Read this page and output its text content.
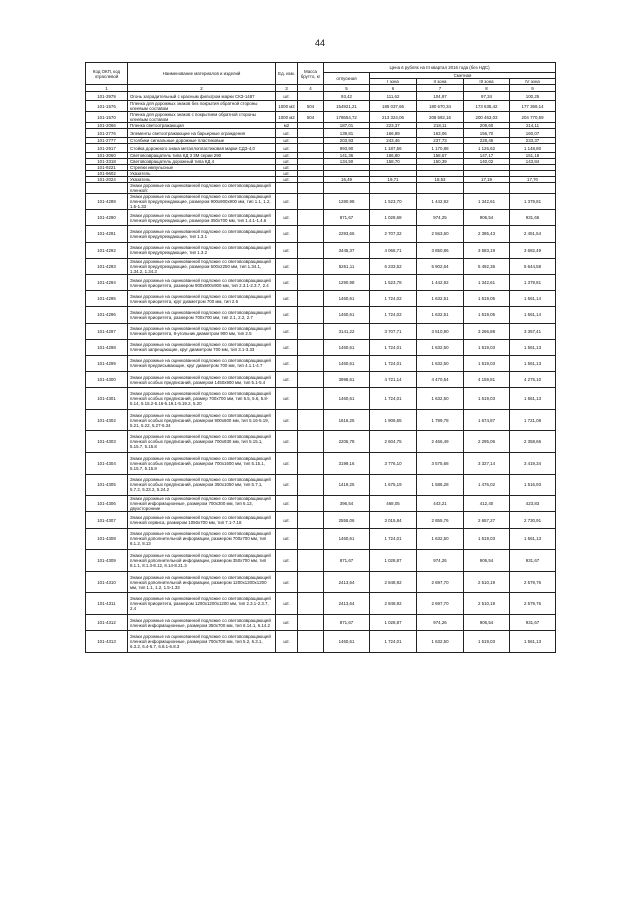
44
Код ОКП, код отраслевой	Наименование материалов и изделий	Ед. изм.	Масса брутто, кг	Цена в рублях на III квартал 2016 года (без НДС)				
				отпускная	Сметная			
					I зона	II зона	III зона	IV зона
1	2	3	4	5	6	7	8	9
101-3979	Огонь заградительный с красным фильтром марки СКЗ-1487	шт.		93,42	111,62	104,97	97,34	100,25
101-1576	Пленка для дорожных знаков без покрытия обратной стороны клеевым составом	1000 м2	504	154921,21	185 037,66	180 670,34	173 635,42	177 369,14
101-1570	Пленка для дорожных знаков с покрытием обратной стороны клеевым составом	1000 м2	504	178654,72	213 324,06	208 592,16	200 463,03	204 770,59
101-2066	Пленка светоотражающая	м2		187,01	223,37	218,11	209,60	214,11
101-2776	Элементы светоотражающие на барьерные ограждения	шт.		139,81	166,89	163,06	156,70	160,07
101-2777	Столбики сигнальные дорожные пластиковые	шт.		203,93	243,46	237,73	228,46	233,37
101-2917	Стойка дорожного знака металлопластиковая марки СДЗ-4,0	шт.		993,90	1 187,56	1 170,88	1 126,62	1 148,80
101-3060	Световозвращатель типа КД 3 3М серии 290	шт.		141,36	166,80	158,67	147,17	151,18
101-3318	Световозвращатель дорожный типа КД 4	шт.		134,50	158,70	150,39	140,02	143,84
101-9221	Стрелки импульсные	шт.						
101-9602	Указатель	шт.						
101-2024	Указатель	шт.		16,49	19,71	18,53	17,19	17,70
	Знаки дорожные на оцинкованной подложке со световозвращающей пленкой:							
101-4289	Знаки дорожные на оцинкованной подложке со световозвращающей пленкой предупреждающие, размером 900х900х900 мм, тип 1.1, 1.2, 1.5-1.33	шт.		1280,98	1 523,70	1 442,92	1 342,61	1 379,81
101-4290	Знаки дорожные на оцинкованной подложке со световозвращающей пленкой предупреждающие, размером 350х700 мм, тип 1.4.1-1.4.6	шт.		871,67	1 028,68	974,25	906,54	931,66
101-4291	Знаки дорожные на оцинкованной подложке со световозвращающей пленкой предупреждающие, тип 1.3.1	шт.		2293,66	2 707,32	2 563,60	2 385,43	2 451,54
101-4292	Знаки дорожные на оцинкованной подложке со световозвращающей пленкой предупреждающие, тип 1.3.2	шт.		3445,37	4 066,71	3 850,86	3 583,19	3 682,49
101-4293	Знаки дорожные на оцинкованной подложке со световозвращающей пленкой предупреждающие, размером 500х2250 мм, тип 1.34.1, 1.34.2, 1.34.3	шт.		5261,11	6 233,52	5 902,64	5 492,36	5 644,58
101-4294	Знаки дорожные на оцинкованной подложке со световозвращающей пленкой приоритета, размером 900х900х900 мм, тип 2.3.1-2.3.7, 2.4	шт.		1290,98	1 523,78	1 442,92	1 342,61	1 379,81
101-4295	Знаки дорожные на оцинкованной подложке со световозвращающей пленкой приоритета, круг диаметром 700 мм, тип 2.6	шт.		1460,61	1 724,02	1 632,51	1 519,05	1 561,14
101-4296	Знаки дорожные на оцинкованной подложке со световозвращающей пленкой приоритета, размером 700х700 мм, тип 2.1, 2.2, 2.7	шт.		1460,61	1 724,02	1 632,51	1 519,05	1 561,14
101-4297	Знаки дорожные на оцинкованной подложке со световозвращающей пленкой приоритета, 8-угольник диаметром 900 мм, тип 2.5	шт.		3141,22	3 707,71	3 510,90	3 266,88	3 357,41
101-4298	Знаки дорожные на оцинкованной подложке со световозвращающей пленкой запрещающие, круг диаметром 700 мм, тип 3.1-3.33	шт.		1460,61	1 724,01	1 632,50	1 519,03	1 561,13
101-4299	Знаки дорожные на оцинкованной подложке со световозвращающей пленкой предписывающие, круг диаметром 700 мм, тип 4.1.1-4.7	шт.		1460,61	1 724,01	1 632,50	1 519,03	1 561,13
101-4300	Знаки дорожные на оцинкованной подложке со световозвращающей пленкой особых предписаний, размером 1450х900 мм, тип 5.1-5.4	шт.		3998,61	4 721,14	4 470,54	4 159,81	4 275,10
101-4301	Знаки дорожные на оцинкованной подложке со световозвращающей пленкой особых предписаний, размер 700х700 мм, тип 5.5, 5.6, 5.8-5.14, 5.15.2-5.16-5.19.1-5.19.2, 5.20	шт.		1460,61	1 724,01	1 632,50	1 519,03	1 561,13
101-4302	Знаки дорожные на оцинкованной подложке со световозвращающей пленкой особых предписаний, размером 900х600 мм, тип 5.16-5.19, 5.21, 5.22, 5.27-5.34	шт.		1616,25	1 906,65	1 799,78	1 674,87	1 721,08
101-4303	Знаки дорожные на оцинкованной подложке со световозвращающей пленкой особых предписаний, размером 700х930 мм, тип 5.15.1, 5.15.7, 5.15.8	шт.		2206,78	2 604,75	2 466,49	2 295,06	2 358,66
101-4304	Знаки дорожные на оцинкованной подложке со световозвращающей пленкой особых предписаний, размером 700х1600 мм, тип 5.15.1, 5.15.7, 5.15.8	шт.		3199,16	3 776,10	3 575,68	3 327,14	3 419,34
101-4305	Знаки дорожные на оцинкованной подложке со световозвращающей пленкой особых предписаний, размером 350х1050 мм, тип 5.7.1, 5.7.2, 5.23.2, 5.24.2	шт.		1419,25	1 675,19	1 586,28	1 476,02	1 516,93
101-4306	Знаки дорожные на оцинкованной подложке со световозвращающей пленкой информационные, размером 700х300 мм, тип 6.13, двухсторонние	шт.		396,54	468,05	443,21	412,40	423,83
101-4307	Знаки дорожные на оцинкованной подложке со световозвращающей пленкой сервиса, размером 1050х700 мм, тип 7.1-7.18	шт.		2555,06	3 015,84	2 855,76	2 657,27	2 730,91
101-4308	Знаки дорожные на оцинкованной подложке со световозвращающей пленкой дополнительной информации, размером 700х700 мм, тип 8.1.2, 8.13	шт.		1460,61	1 724,01	1 632,50	1 519,03	1 561,13
101-4309	Знаки дорожные на оцинкованной подложке со световозвращающей пленкой дополнительной информации, размером 350х700 мм, тип 8.1.1, 8.1.3-8.12, 8.14-8.21.3	шт.		871,67	1 028,87	974,26	906,54	931,67
101-4310	Знаки дорожные на оцинкованной подложке со световозвращающей пленкой дополнительной информации, размером 1200х1200х1200 мм, тип 1.1, 1.2, 1.5-1.33	шт.		2413,64	2 848,92	2 697,70	2 510,19	2 579,76
101-4311	Знаки дорожные на оцинкованной подложке со световозвращающей пленкой приоритета, размером 1200х1200х1200 мм, тип 2.3.1-2.3.7, 2.4	шт.		2413,64	2 848,92	2 697,70	2 510,19	2 579,76
101-4312	Знаки дорожные на оцинкованной подложке со световозвращающей пленкой информационные, размером 350х700 мм, тип 6.14.1, 6.14.2	шт.		871,67	1 028,87	974,26	906,54	931,67
101-4313	Знаки дорожные на оцинкованной подложке со световозвращающей пленкой информационные, размером 700х700 мм, тип 5.2, 6.3.1, 6.3.2, 6.4-6.7, 6.8.1-6.8.3	шт.		1460,61	1 724,01	1 632,50	1 519,03	1 561,13
